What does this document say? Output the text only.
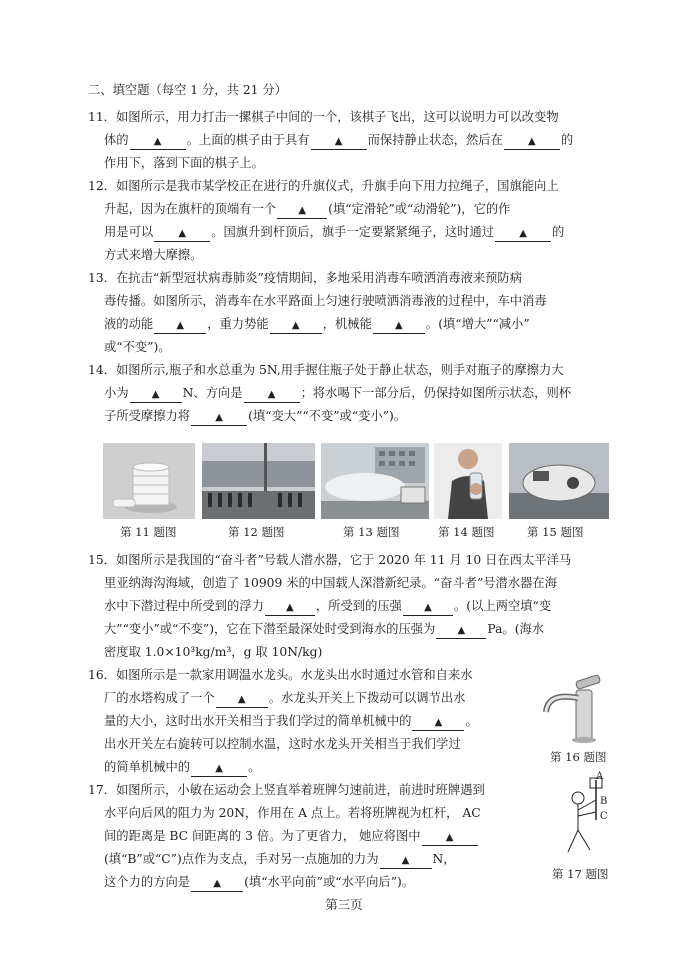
二、填空题（每空 1 分，共 21 分）
11．如图所示，用力打击一摞棋子中间的一个，该棋子飞出，这可以说明力可以改变物
体的	▲ 。上面的棋子由于具有	▲ 而保持静止状态，然后在	▲ 的
作用下，落到下面的棋子上。
12．如图所示是我市某学校正在进行的升旗仪式，升旗手向下用力拉绳子，国旗能向上
升起，因为在旗杆的顶端有一个 ▲ (填“定滑轮”或“动滑轮”)，它的作
用是可以	▲ 。国旗升到杆顶后，旗手一定要紧紧绳子，这时通过	▲ 的
方式来增大摩擦。
13．在抗击“新型冠状病毒肺炎”疫情期间，多地采用消毒车喷洒消毒液来预防病
毒传播。如图所示，消毒车在水平路面上匀速行驶喷洒消毒液的过程中，车中消毒
液的动能 ▲ ，重力势能 ▲ ，机械能 ▲ 。(填“增大”“减小”
或“不变”)。
14．如图所示,瓶子和水总重为 5N,用手握住瓶子处于静止状态，则手对瓶子的摩擦力大
小为 ▲ N、方向是	▲ ；将水喝下一部分后，仍保持如图所示状态，则杯
子所受摩擦力将	▲ (填“变大”“不变”或“变小”)。
第 11 题图	第 12 题图	第 13 题图	第 14 题图	第 15 题图
15．如图所示是我国的“奋斗者”号载人潜水器，它于 2020 年 11 月 10 日在西太平洋马
里亚纳海沟海域，创造了 10909 米的中国载人深潜新纪录。“奋斗者”号潜水器在海
水中下潜过程中所受到的浮力 ▲ ，所受到的压强 ▲ 。(以上两空填“变
大”“变小”或“不变”)，它在下潜至最深处时受到海水的压强为 ▲ Pa。(海水
密度取 1.0×10³kg/m³，g 取 10N/kg)
16．如图所示是一款家用调温水龙头。水龙头出水时通过水管和自来水
厂的水塔构成了一个 ▲ 。水龙头开关上下拨动可以调节出水
量的大小，这时出水开关相当于我们学过的简单机械中的 ▲ 。
出水开关左右旋转可以控制水温，这时水龙头开关相当于我们学过
的简单机械中的	▲ 。
第 16 题图
17．如图所示，小敏在运动会上竖直举着班牌匀速前进，前进时班牌遇到
水平向后风的阻力为 20N，作用在 A 点上。若将班牌视为杠杆， AC
间的距离是 BC 间距离的 3 倍。为了更省力， 她应将图中	▲
(填“B”或“C”)点作为支点，手对另一点施加的力为 ▲ N，
这个力的方向是 ▲ (填“水平向前”或“水平向后”)。
B
C
A
第 17 题图
第三页
